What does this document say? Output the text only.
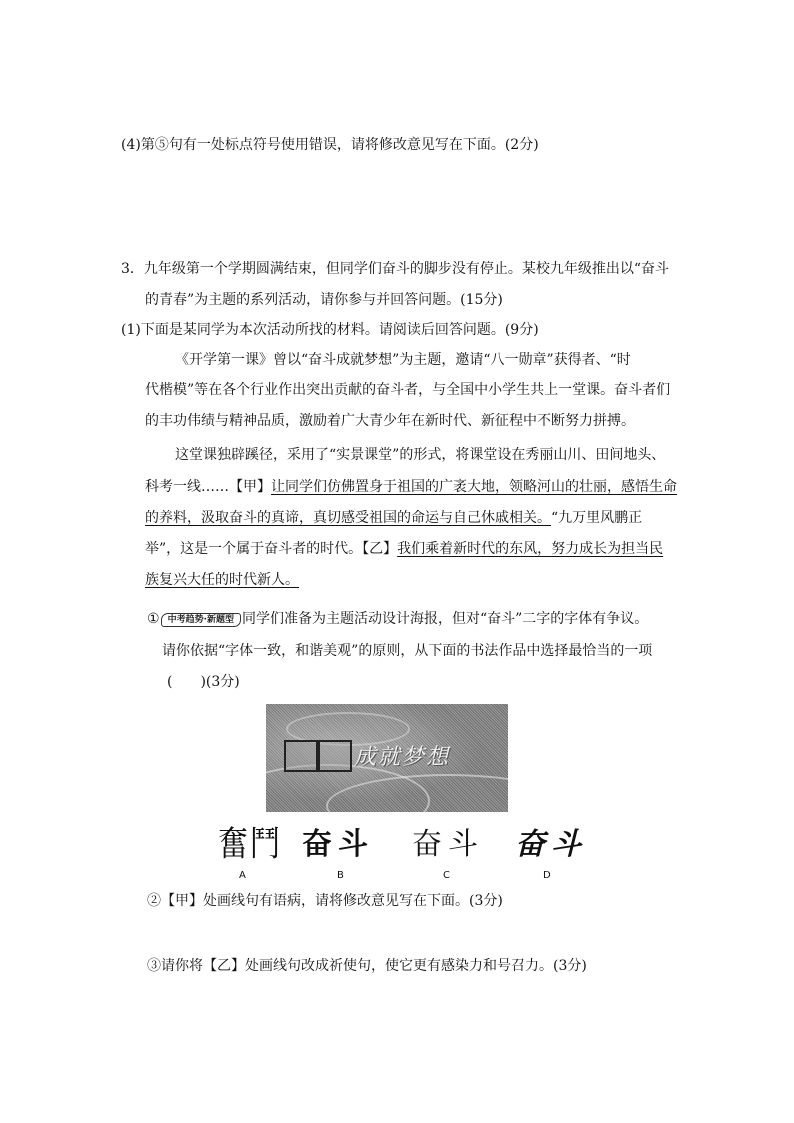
(4)第⑤句有一处标点符号使用错误，请将修改意见写在下面。(2分)
3．九年级第一个学期圆满结束，但同学们奋斗的脚步没有停止。某校九年级推出以“奋斗
的青春”为主题的系列活动，请你参与并回答问题。(15分)
(1)下面是某同学为本次活动所找的材料。请阅读后回答问题。(9分)
《开学第一课》曾以“奋斗成就梦想”为主题，邀请“八一勋章”获得者、“时
代楷模”等在各个行业作出突出贡献的奋斗者，与全国中小学生共上一堂课。奋斗者们
的丰功伟绩与精神品质，激励着广大青少年在新时代、新征程中不断努力拼搏。
这堂课独辟蹊径，采用了“实景课堂”的形式，将课堂设在秀丽山川、田间地头、
科考一线……【甲】让同学们仿佛置身于祖国的广袤大地，领略河山的壮丽，感悟生命
的养料，汲取奋斗的真谛，真切感受祖国的命运与自己休戚相关。“九万里风鹏正
举”，这是一个属于奋斗者的时代。【乙】我们乘着新时代的东风，努力成长为担当民
族复兴大任的时代新人。
① 中考趋势·新题型 同学们准备为主题活动设计海报，但对“奋斗”二字的字体有争议。
请你依据“字体一致，和谐美观”的原则，从下面的书法作品中选择最恰当的一项
(　　)(3分)
成就梦想
奮鬥 奋斗 奋斗 奋斗
A	B	C	D
②【甲】处画线句有语病，请将修改意见写在下面。(3分)
③请你将【乙】处画线句改成祈使句，使它更有感染力和号召力。(3分)
